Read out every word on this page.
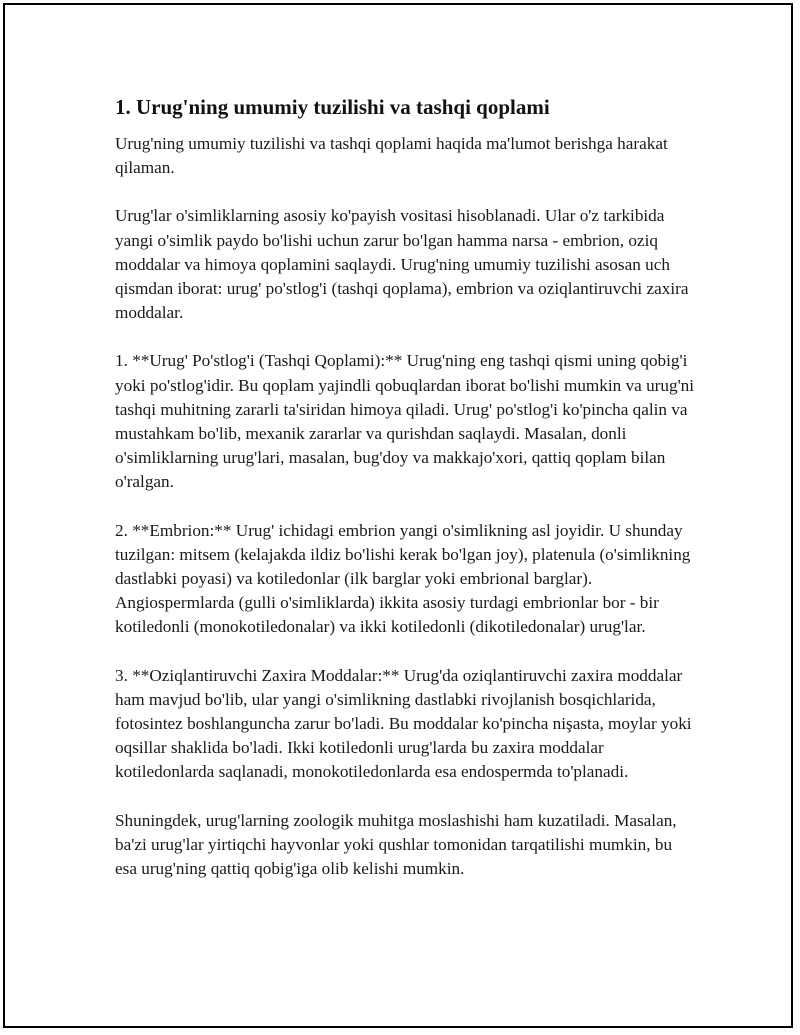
1. Urug'ning umumiy tuzilishi va tashqi qoplami

Urug'ning umumiy tuzilishi va tashqi qoplami haqida ma'lumot berishga harakat qilaman.

Urug'lar o'simliklarning asosiy ko'payish vositasi hisoblanadi. Ular o'z tarkibida yangi o'simlik paydo bo'lishi uchun zarur bo'lgan hamma narsa - embrion, oziq moddalar va himoya qoplamini saqlaydi. Urug'ning umumiy tuzilishi asosan uch qismdan iborat: urug' po'stlog'i (tashqi qoplama), embrion va oziqlantiruvchi zaxira moddalar.

1. **Urug' Po'stlog'i (Tashqi Qoplami):** Urug'ning eng tashqi qismi uning qobig'i yoki po'stlog'idir. Bu qoplam yajindli qobuqlardan iborat bo'lishi mumkin va urug'ni tashqi muhitning zararli ta'siridan himoya qiladi. Urug' po'stlog'i ko'pincha qalin va mustahkam bo'lib, mexanik zararlar va qurishdan saqlaydi. Masalan, donli o'simliklarning urug'lari, masalan, bug'doy va makkajo'xori, qattiq qoplam bilan o'ralgan.

2. **Embrion:** Urug' ichidagi embrion yangi o'simlikning asl joyidir. U shunday tuzilgan: mitsem (kelajakda ildiz bo'lishi kerak bo'lgan joy), platenula (o'simlikning dastlabki poyasi) va kotiledonlar (ilk barglar yoki embrional barglar). Angiospermlarda (gulli o'simliklarda) ikkita asosiy turdagi embrionlar bor - bir kotiledonli (monokotiledonalar) va ikki kotiledonli (dikotiledonalar) urug'lar.

3. **Oziqlantiruvchi Zaxira Moddalar:** Urug'da oziqlantiruvchi zaxira moddalar ham mavjud bo'lib, ular yangi o'simlikning dastlabki rivojlanish bosqichlarida, fotosintez boshlanguncha zarur bo'ladi. Bu moddalar ko'pincha nişasta, moylar yoki oqsillar shaklida bo'ladi. Ikki kotiledonli urug'larda bu zaxira moddalar kotiledonlarda saqlanadi, monokotiledonlarda esa endospermda to'planadi.

Shuningdek, urug'larning zoologik muhitga moslashishi ham kuzatiladi. Masalan, ba'zi urug'lar yirtiqchi hayvonlar yoki qushlar tomonidan tarqatilishi mumkin, bu esa urug'ning qattiq qobig'iga olib kelishi mumkin.
